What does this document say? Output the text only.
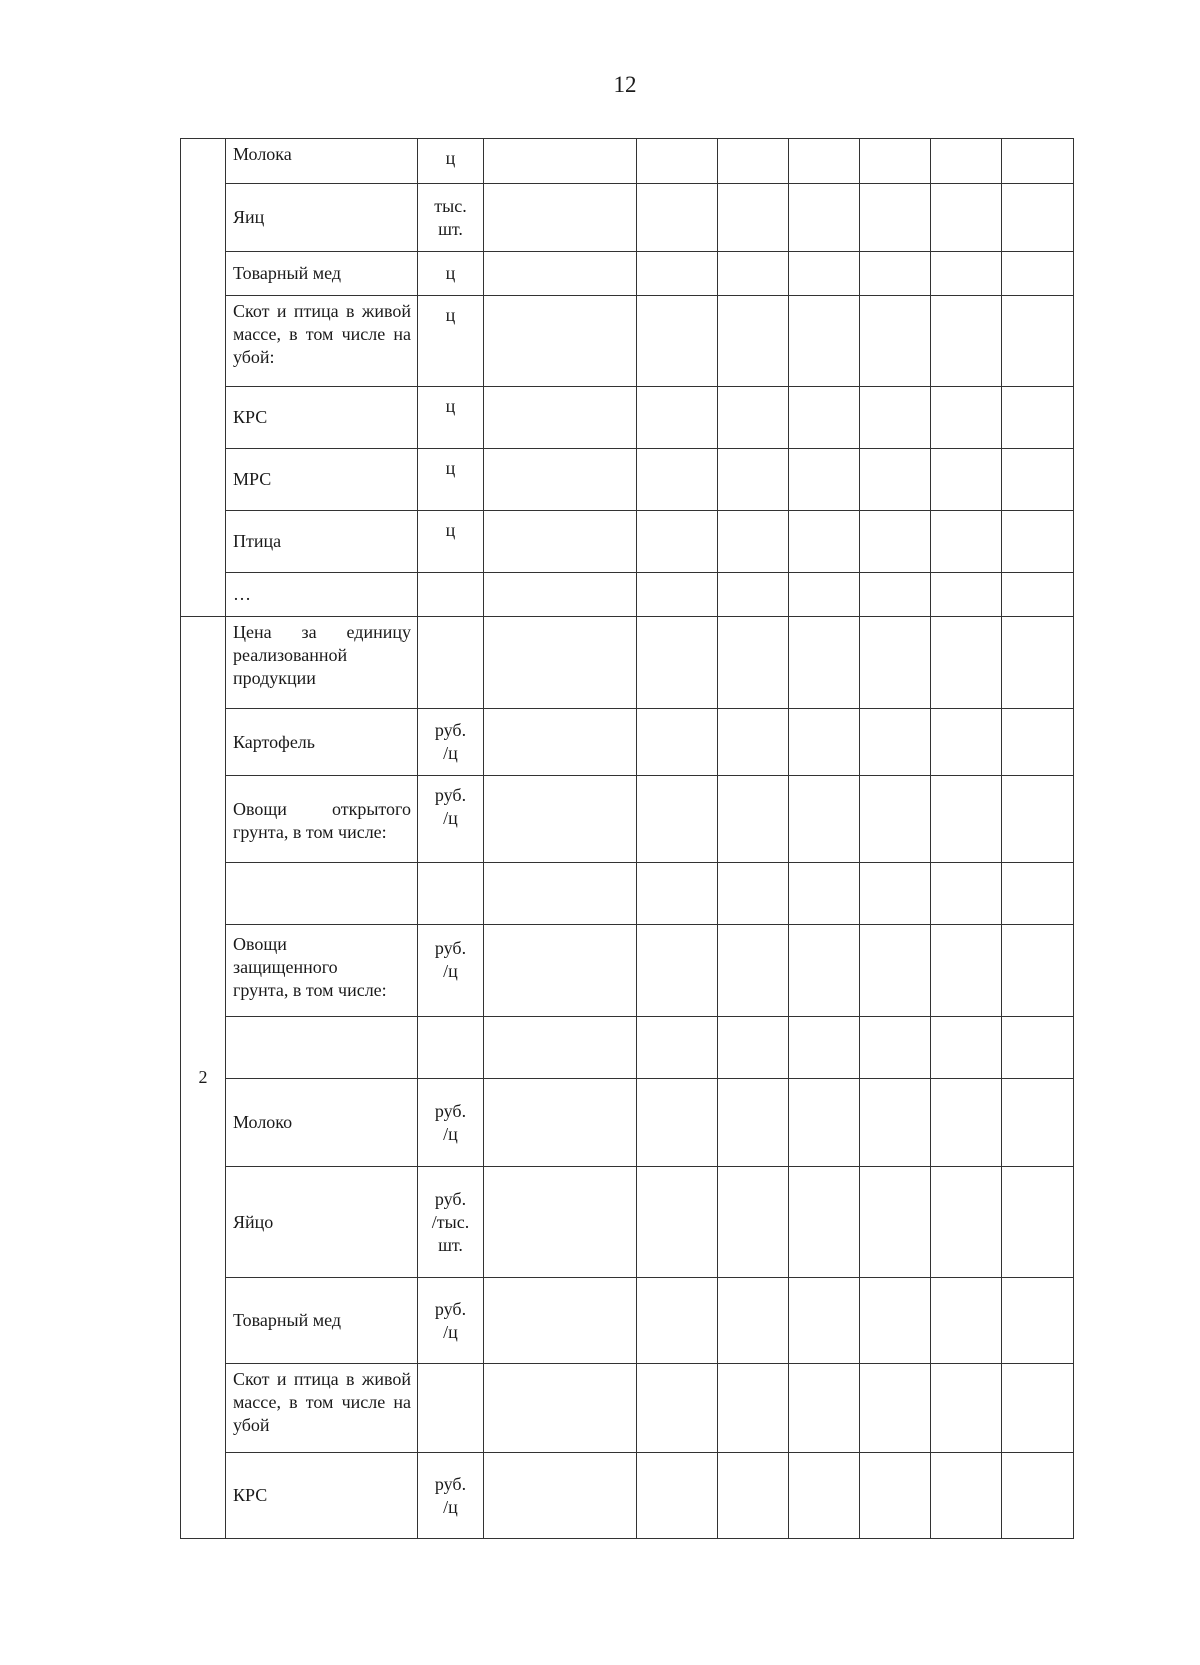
12
	Молока	ц							
	Яиц	тыс.
шт.							
	Товарный мед	ц							
	Скот и птица в живой массе, в том числе на убой:	ц							
	КРС	ц							
	МРС	ц							
	Птица	ц							
	…								
2	Цена за единицу реализованной продукции								
	Картофель	руб.
/ц							
	Овощи открытого грунта, в том числе:	руб.
/ц							

	Овощи
защищенного
грунта, в том числе:	руб.
/ц							

	Молоко	руб.
/ц							
	Яйцо	руб.
/тыс.
шт.							
	Товарный мед	руб.
/ц							
	Скот и птица в живой массе, в том числе на убой								
	КРС	руб.
/ц							
